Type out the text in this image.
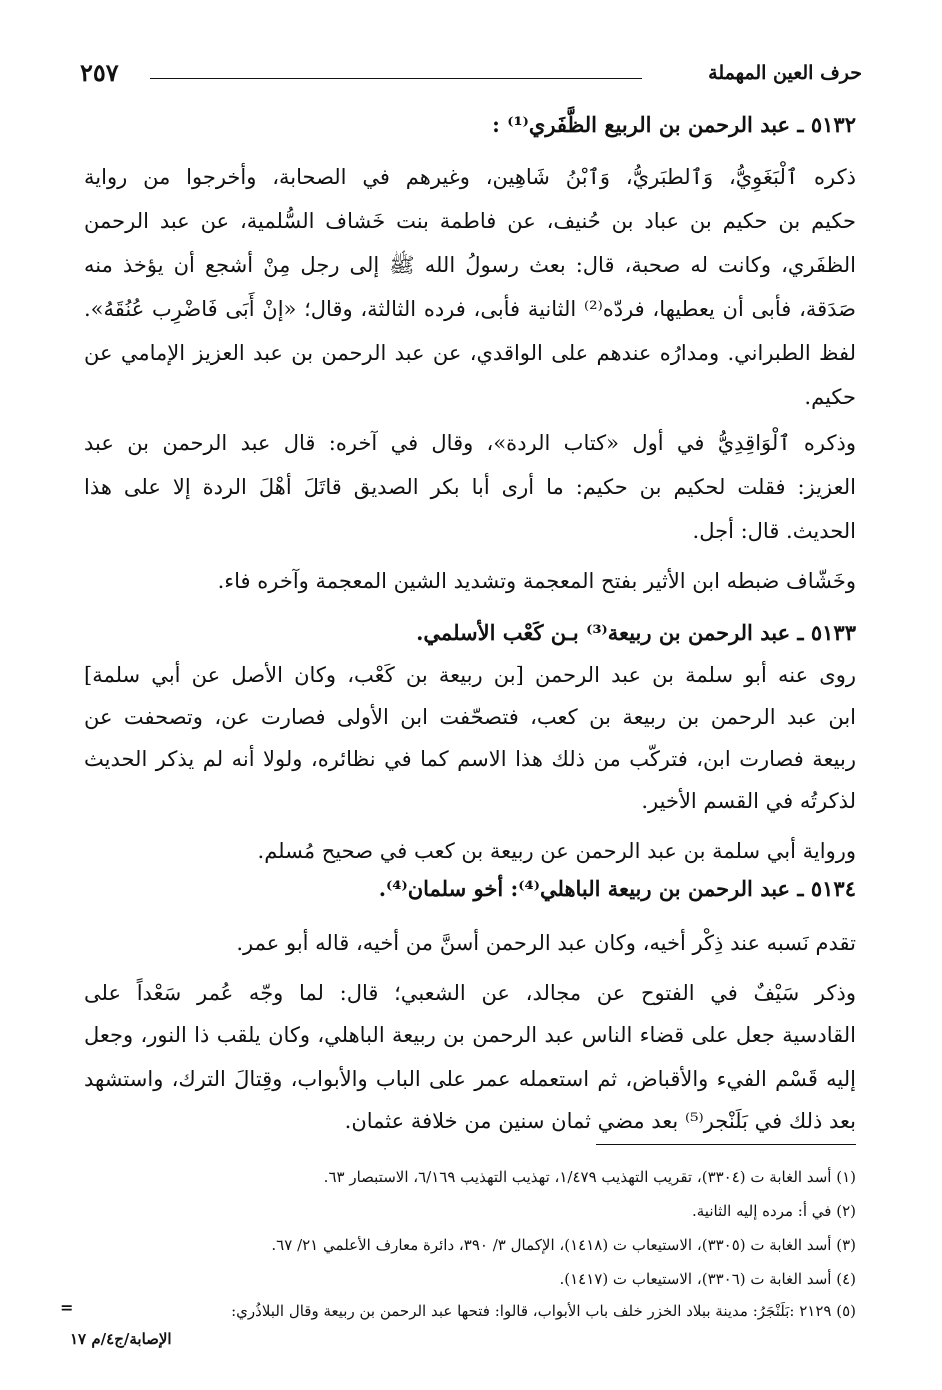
٢٥٧	حرف العين المهملة
٥١٣٢ ـ عبد الرحمن بن الربيع الظَّفَري⁽¹⁾ :
ذكره ٱلْبَغَوِيُّ، وَٱلطبَريُّ، وَٱبْنُ شَاهِين، وغيرهم في الصحابة، وأخرجوا من رواية
حكيم بن حكيم بن عباد بن حُنيف، عن فاطمة بنت خَشاف السُّلمية، عن عبد الرحمن
الظفَري، وكانت له صحبة، قال: بعث رسولُ الله ﷺ إلى رجل مِنْ أشجع أن يؤخذ منه
صَدَقة، فأبى أن يعطيها، فردّه⁽²⁾ الثانية فأبى، فرده الثالثة، وقال؛ «إنْ أَبَى فَاضْرِب عُنُقَهُ».
لفظ الطبراني. ومدارُه عندهم على الواقدي، عن عبد الرحمن بن عبد العزيز الإمامي عن
حكيم.
وذكره ٱلْوَاقِدِيُّ في أول «كتاب الردة»، وقال في آخره: قال عبد الرحمن بن عبد
العزيز: فقلت لحكيم بن حكيم: ما أرى أبا بكر الصديق قاتَلَ أهْلَ الردة إلا على هذا
الحديث. قال: أجل.
وخَشّاف ضبطه ابن الأثير بفتح المعجمة وتشديد الشين المعجمة وآخره فاء.
٥١٣٣ ـ عبد الرحمن بن ربيعة⁽³⁾ بـن كَعْب الأسلمي.
روى عنه أبو سلمة بن عبد الرحمن [بن ربيعة بن كَعْب، وكان الأصل عن أبي سلمة]
ابن عبد الرحمن بن ربيعة بن كعب، فتصحّفت ابن الأولى فصارت عن، وتصحفت عن
ربيعة فصارت ابن، فتركّب من ذلك هذا الاسم كما في نظائره، ولولا أنه لم يذكر الحديث
لذكرتُه في القسم الأخير.
ورواية أبي سلمة بن عبد الرحمن عن ربيعة بن كعب في صحيح مُسلم.
٥١٣٤ ـ عبد الرحمن بن ربيعة الباهلي⁽⁴⁾: أخو سلمان⁽⁴⁾.
تقدم نَسبه عند ذِكْر أخيه، وكان عبد الرحمن أسنَّ من أخيه، قاله أبو عمر.
وذكر سَيْفٌ في الفتوح عن مجالد، عن الشعبي؛ قال: لما وجّه عُمر سَعْداً على
القادسية جعل على قضاء الناس عبد الرحمن بن ربيعة الباهلي، وكان يلقب ذا النور، وجعل
إليه قَسْم الفيء والأقباض، ثم استعمله عمر على الباب والأبواب، وقِتالَ الترك، واستشهد
بعد ذلك في بَلَنْجر⁽⁵⁾ بعد مضي ثمان سنين من خلافة عثمان.
(١) أسد الغابة ت (٣٣٠٤)، تقريب التهذيب ١/٤٧٩، تهذيب التهذيب ٦/١٦٩، الاستبصار ٦٣.
(٢) في أ: مرده إليه الثانية.
(٣) أسد الغابة ت (٣٣٠٥)، الاستيعاب ت (١٤١٨)، الإكمال ٣/ ٣٩٠، دائرة معارف الأعلمي ٢١/ ٦٧.
(٤) أسد الغابة ت (٣٣٠٦)، الاستيعاب ت (١٤١٧).
(٥) ٢١٢٩ :بَلَنْجَرُ: مدينة ببلاد الخزر خلف باب الأبواب، قالوا: فتحها عبد الرحمن بن ربيعة وقال البلاذُري:
=
الإصابة/ج٤/م ١٧
